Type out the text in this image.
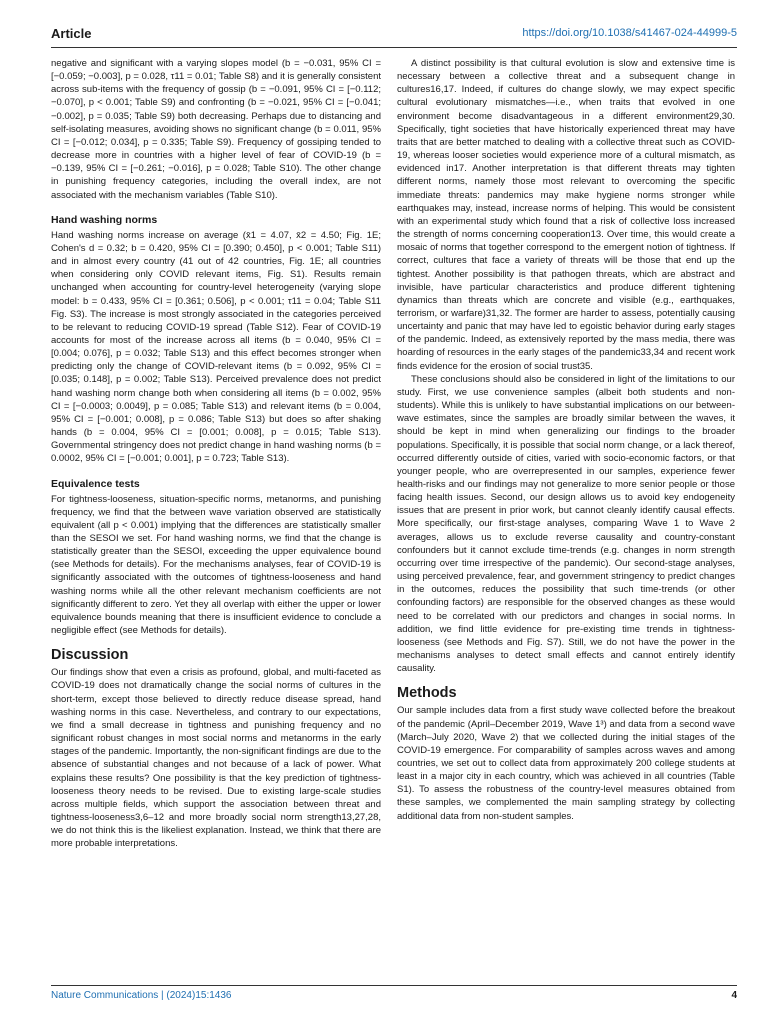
Article	https://doi.org/10.1038/s41467-024-44999-5

negative and significant with a varying slopes model (b = −0.031, 95% CI = [−0.059; −0.003], p = 0.028, τ11 = 0.01; Table S8) and it is generally consistent across sub-items with the frequency of gossip (b = −0.091, 95% CI = [−0.112; −0.070], p < 0.001; Table S9) and confronting (b = −0.021, 95% CI = [−0.041; −0.002], p = 0.035; Table S9) both decreasing. Perhaps due to distancing and self-isolating measures, avoiding shows no significant change (b = 0.011, 95% CI = [−0.012; 0.034], p = 0.335; Table S9). Frequency of gossiping tended to decrease more in countries with a higher level of fear of COVID-19 (b = −0.139, 95% CI = [−0.261; −0.016], p = 0.028; Table S10). The other change in punishing frequency categories, including the overall index, are not associated with the mechanism variables (Table S10).

Hand washing norms

Hand washing norms increase on average (x̄1 = 4.07, x̄2 = 4.50; Fig. 1E; Cohen's d = 0.32; b = 0.420, 95% CI = [0.390; 0.450], p < 0.001; Table S11) and in almost every country (41 out of 42 countries, Fig. 1E; all countries when considering only COVID relevant items, Fig. S1). Results remain unchanged when accounting for country-level heterogeneity (varying slope model: b = 0.433, 95% CI = [0.361; 0.506], p < 0.001; τ11 = 0.04; Table S11 Fig. S3). The increase is most strongly associated in the categories perceived to be relevant to reducing COVID-19 spread (Table S12). Fear of COVID-19 accounts for most of the increase across all items (b = 0.040, 95% CI = [0.004; 0.076], p = 0.032; Table S13) and this effect becomes stronger when predicting only the change of COVID-relevant items (b = 0.092, 95% CI = [0.035; 0.148], p = 0.002; Table S13). Perceived prevalence does not predict hand washing norm change both when considering all items (b = 0.002, 95% CI = [−0.0003; 0.0049], p = 0.085; Table S13) and relevant items (b = 0.004, 95% CI = [−0.001; 0.008], p = 0.086; Table S13) but does so after shaking hands (b = 0.004, 95% CI = [0.001; 0.008], p = 0.015; Table S13). Governmental stringency does not predict change in hand washing norms (b = 0.0002, 95% CI = [−0.001; 0.001], p = 0.723; Table S13).

Equivalence tests

For tightness-looseness, situation-specific norms, metanorms, and punishing frequency, we find that the between wave variation observed are statistically equivalent (all p < 0.001) implying that the differences are statistically smaller than the SESOI we set. For hand washing norms, we find that the change is statistically greater than the SESOI, exceeding the upper equivalence bound (see Methods for details). For the mechanisms analyses, fear of COVID-19 is significantly associated with the outcomes of tightness-looseness and hand washing norms while all the other relevant mechanism coefficients are not significantly different to zero. Yet they all overlap with either the upper or lower equivalence bounds meaning that there is insufficient evidence to conclude a negligible effect (see Methods for details).

Discussion

Our findings show that even a crisis as profound, global, and multi-faceted as COVID-19 does not dramatically change the social norms of cultures in the short-term, except those believed to directly reduce disease spread, hand washing norms in this case. Nevertheless, and contrary to our expectations, we find a small decrease in tightness and punishing frequency and no significant robust changes in most social norms and metanorms in the early stages of the pandemic. Importantly, the non-significant findings are due to the absence of substantial changes and not because of a lack of power. What explains these results? One possibility is that the key prediction of tightness-looseness theory needs to be revised. Due to existing large-scale studies across multiple fields, which support the association between threat and tightness-looseness3,6–12 and more broadly social norm strength13,27,28, we do not think this is the likeliest explanation. Instead, we think that there are more probable interpretations.

A distinct possibility is that cultural evolution is slow and extensive time is necessary between a collective threat and a subsequent change in cultures16,17. Indeed, if cultures do change slowly, we may expect specific cultural evolutionary mismatches—i.e., when traits that evolved in one environment become disadvantageous in a different environment29,30. Specifically, tight societies that have historically experienced threat may have traits that are better matched to dealing with a collective threat such as COVID-19, whereas looser societies would experience more of a cultural mismatch, as evidenced in17. Another interpretation is that different threats may tighten different norms, namely those most relevant to overcoming the specific immediate threats: pandemics may make hygiene norms stronger while earthquakes may, instead, increase norms of helping. This would be consistent with an experimental study which found that a risk of collective loss increased the strength of norms concerning cooperation13. Over time, this would create a mosaic of norms that together correspond to the emergent notion of tightness. If correct, cultures that face a variety of threats will be those that end up the tightest. Another possibility is that pathogen threats, which are abstract and invisible, have particular characteristics and produce different tightening dynamics than threats which are concrete and visible (e.g., earthquakes, terrorism, or warfare)31,32. The former are harder to assess, potentially causing uncertainty and panic that may have led to egoistic behavior during early stages of the pandemic. Indeed, as extensively reported by the mass media, there was hoarding of resources in the early stages of the pandemic33,34 and recent work finds evidence for the erosion of social trust35.

These conclusions should also be considered in light of the limitations to our study. First, we use convenience samples (albeit both students and non-students). While this is unlikely to have substantial implications on our between-wave estimates, since the samples are broadly similar between the waves, it should be kept in mind when generalizing our findings to the broader populations. Specifically, it is possible that social norm change, or a lack thereof, occurred differently outside of cities, varied with socio-economic factors, or that younger people, who are overrepresented in our samples, experience fewer health-risks and our findings may not generalize to more senior people or those facing health issues. Second, our design allows us to avoid key endogeneity issues that are present in prior work, but cannot cleanly identify causal effects. More specifically, our first-stage analyses, comparing Wave 1 to Wave 2 averages, allows us to exclude reverse causality and country-constant confounders but it cannot exclude time-trends (e.g. changes in norm strength occurring over time irrespective of the pandemic). Our second-stage analyses, using perceived prevalence, fear, and government stringency to predict changes in the outcomes, reduces the possibility that such time-trends (or other confounding factors) are responsible for the observed changes as these would need to be correlated with our predictors and changes in social norms. In addition, we find little evidence for pre-existing time trends in tightness-looseness (see Methods and Fig. S7). Still, we do not have the power in the mechanisms analyses to detect small effects and cannot entirely identify causality.

Methods

Our sample includes data from a first study wave collected before the breakout of the pandemic (April–December 2019, Wave 1³) and data from a second wave (March–July 2020, Wave 2) that we collected during the initial stages of the COVID-19 emergence. For comparability of samples across waves and among countries, we set out to collect data from approximately 200 college students at least in a major city in each country, which was achieved in all countries (Table S1). To assess the robustness of the country-level measures obtained from these samples, we complemented the main sampling strategy by collecting additional data from non-student samples.

Nature Communications | (2024)15:1436	4
